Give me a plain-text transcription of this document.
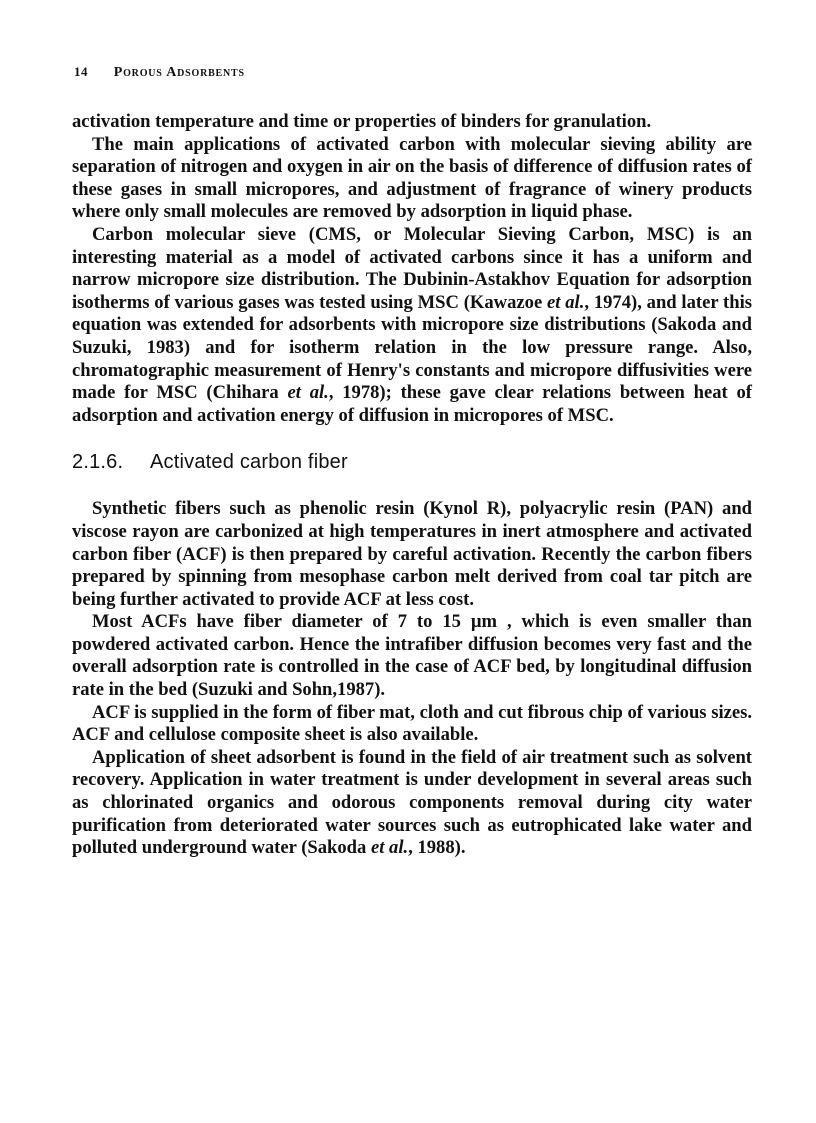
14 Porous Adsorbents

activation temperature and time or properties of binders for granulation.

The main applications of activated carbon with molecular sieving ability are separation of nitrogen and oxygen in air on the basis of difference of diffusion rates of these gases in small micropores, and adjustment of fragrance of winery products where only small molecules are removed by adsorption in liquid phase.

Carbon molecular sieve (CMS, or Molecular Sieving Carbon, MSC) is an interesting material as a model of activated carbons since it has a uniform and narrow micropore size distribution. The Dubinin-Astakhov Equation for adsorption isotherms of various gases was tested using MSC (Kawazoe et al., 1974), and later this equation was extended for adsorbents with micropore size distributions (Sakoda and Suzuki, 1983) and for isotherm relation in the low pressure range. Also, chromatographic measurement of Henry's constants and micropore diffusivities were made for MSC (Chihara et al., 1978); these gave clear relations between heat of adsorption and activation energy of diffusion in micropores of MSC.

2.1.6. Activated carbon fiber

Synthetic fibers such as phenolic resin (Kynol R), polyacrylic resin (PAN) and viscose rayon are carbonized at high temperatures in inert atmosphere and activated carbon fiber (ACF) is then prepared by careful activation. Recently the carbon fibers prepared by spinning from mesophase carbon melt derived from coal tar pitch are being further activated to provide ACF at less cost.

Most ACFs have fiber diameter of 7 to 15 µm , which is even smaller than powdered activated carbon. Hence the intrafiber diffusion becomes very fast and the overall adsorption rate is controlled in the case of ACF bed, by longitudinal diffusion rate in the bed (Suzuki and Sohn,1987).

ACF is supplied in the form of fiber mat, cloth and cut fibrous chip of various sizes. ACF and cellulose composite sheet is also available.

Application of sheet adsorbent is found in the field of air treatment such as solvent recovery. Application in water treatment is under development in several areas such as chlorinated organics and odorous components removal during city water purification from deteriorated water sources such as eutrophicated lake water and polluted underground water (Sakoda et al., 1988).
